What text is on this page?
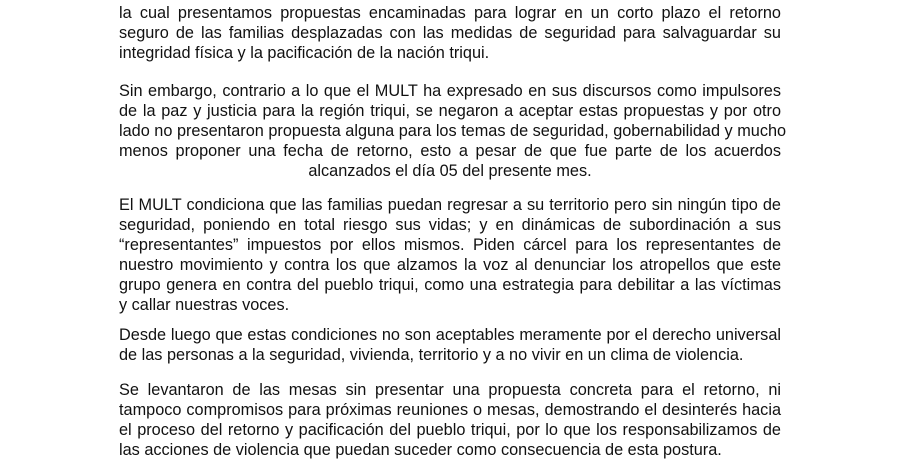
la cual presentamos propuestas encaminadas para lograr en un corto plazo el retorno
seguro de las familias desplazadas con las medidas de seguridad para salvaguardar su
integridad física y la pacificación de la nación triqui.
Sin embargo, contrario a lo que el MULT ha expresado en sus discursos como impulsores
de la paz y justicia para la región triqui, se negaron a aceptar estas propuestas y por otro
lado no presentaron propuesta alguna para los temas de seguridad, gobernabilidad y mucho
menos proponer una fecha de retorno, esto a pesar de que fue parte de los acuerdos
alcanzados el día 05 del presente mes.
El MULT condiciona que las familias puedan regresar a su territorio pero sin ningún tipo de
seguridad, poniendo en total riesgo sus vidas; y en dinámicas de subordinación a sus
“representantes” impuestos por ellos mismos. Piden cárcel para los representantes de
nuestro movimiento y contra los que alzamos la voz al denunciar los atropellos que este
grupo genera en contra del pueblo triqui, como una estrategia para debilitar a las víctimas
y callar nuestras voces.
Desde luego que estas condiciones no son aceptables meramente por el derecho universal
de las personas a la seguridad, vivienda, territorio y a no vivir en un clima de violencia.
Se levantaron de las mesas sin presentar una propuesta concreta para el retorno, ni
tampoco compromisos para próximas reuniones o mesas, demostrando el desinterés hacia
el proceso del retorno y pacificación del pueblo triqui, por lo que los responsabilizamos de
las acciones de violencia que puedan suceder como consecuencia de esta postura.
